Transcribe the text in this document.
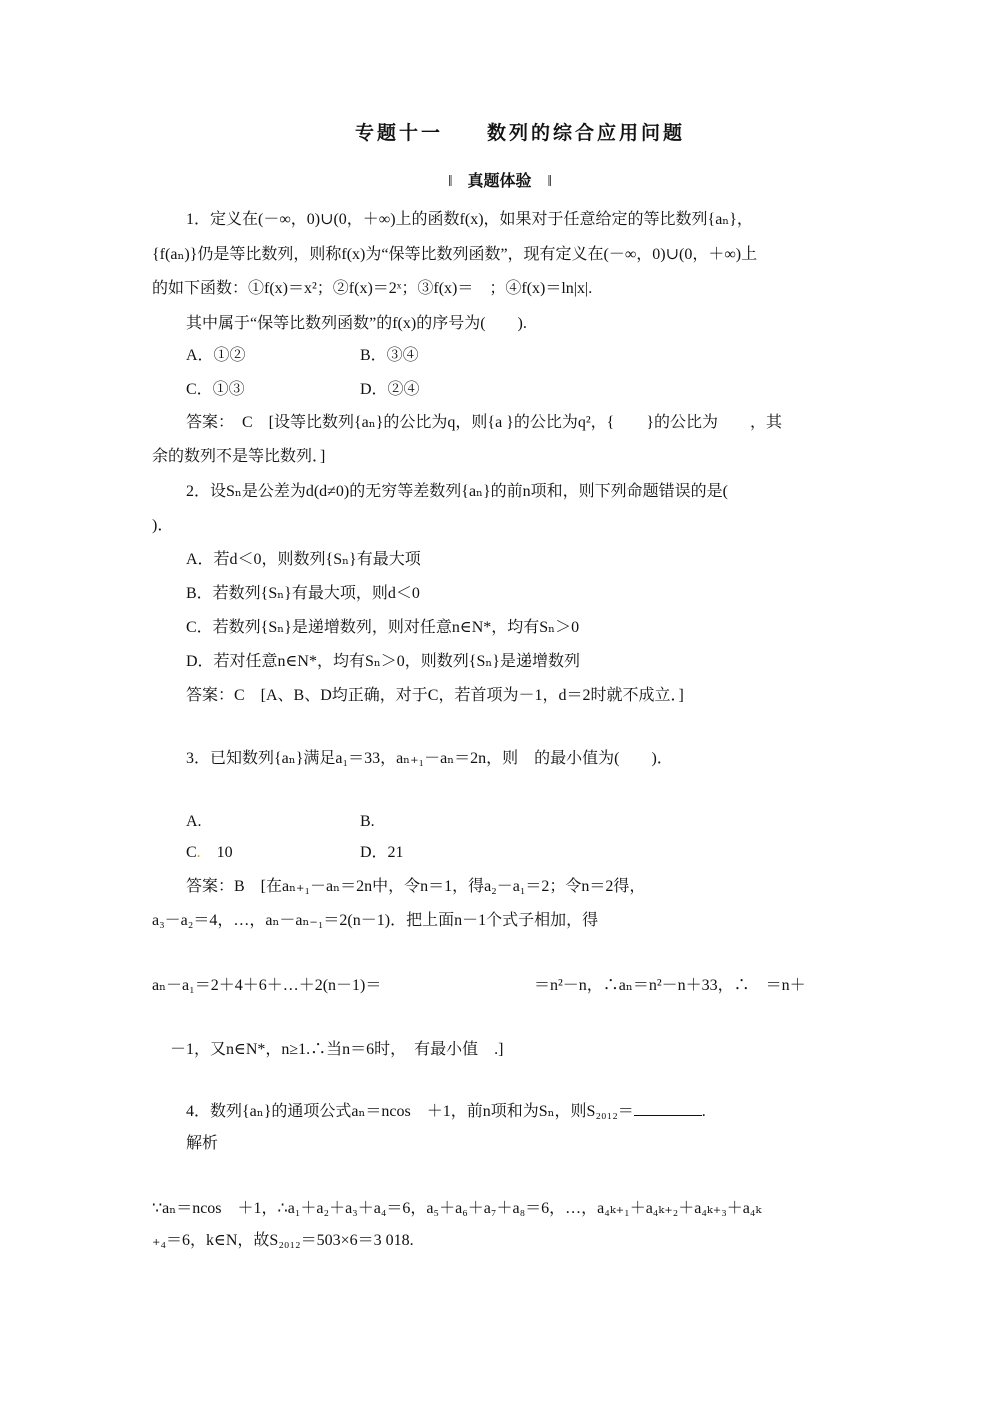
专题十一　　数列的综合应用问题
‖ 真题体验 ‖
1．定义在(－∞，0)∪(0，＋∞)上的函数f(x)，如果对于任意给定的等比数列{aₙ}，
{f(aₙ)}仍是等比数列，则称f(x)为“保等比数列函数”，现有定义在(－∞，0)∪(0，＋∞)上
的如下函数：①f(x)＝x²；②f(x)＝2ˣ；③f(x)＝　；④f(x)＝ln|x|.
其中属于“保等比数列函数”的f(x)的序号为(　　).
A．①②	B．③④
C．①③	D．②④
答案：　C　[设等比数列{aₙ}的公比为q，则{a }的公比为q²，{　　}的公比为　　，其
余的数列不是等比数列．]
2．设Sₙ是公差为d(d≠0)的无穷等差数列{aₙ}的前n项和，则下列命题错误的是(
)．
A．若d＜0，则数列{Sₙ}有最大项
B．若数列{Sₙ}有最大项，则d＜0
C．若数列{Sₙ}是递增数列，则对任意n∈N*，均有Sₙ＞0
D．若对任意n∈N*，均有Sₙ＞0，则数列{Sₙ}是递增数列
答案：C　[A、B、D均正确，对于C，若首项为－1，d＝2时就不成立．]
3．已知数列{aₙ}满足a₁＝33，aₙ₊₁－aₙ＝2n，则　的最小值为(　　)．
A.	B.
C.　10	D．21
答案：B　[在aₙ₊₁－aₙ＝2n中，令n＝1，得a₂－a₁＝2；令n＝2得，
a₃－a₂＝4，…，aₙ－aₙ₋₁＝2(n－1)．把上面n－1个式子相加，得
aₙ－a₁＝2＋4＋6＋…＋2(n－1)＝	＝n²－n，∴aₙ＝n²－n＋33，∴　＝n＋
－1，又n∈N*，n≥1.∴当n＝6时，　有最小值　.]
4．数列{aₙ}的通项公式aₙ＝ncos　＋1，前n项和为Sₙ，则S₂₀₁₂＝	.
解析
∵aₙ＝ncos　＋1，∴a₁＋a₂＋a₃＋a₄＝6，a₅＋a₆＋a₇＋a₈＝6，…，a₄ₖ₊₁＋a₄ₖ₊₂＋a₄ₖ₊₃＋a₄ₖ
₊₄＝6，k∈N，故S₂₀₁₂＝503×6＝3 018.
